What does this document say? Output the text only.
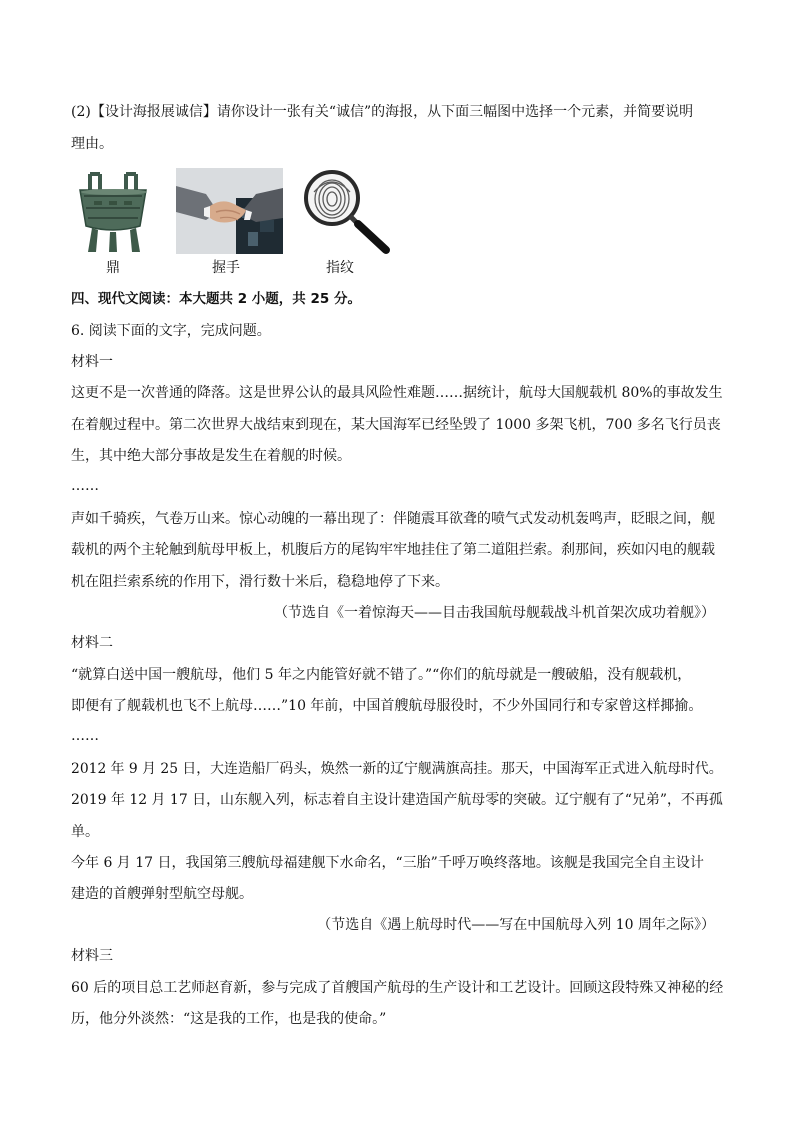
(2)【设计海报展诚信】请你设计一张有关“诚信”的海报，从下面三幅图中选择一个元素，并简要说明
理由。
鼎	握手	指纹
四、现代文阅读：本大题共 2 小题，共 25 分。
6. 阅读下面的文字，完成问题。
材料一
这更不是一次普通的降落。这是世界公认的最具风险性难题……据统计，航母大国舰载机 80%的事故发生
在着舰过程中。第二次世界大战结束到现在，某大国海军已经坠毁了 1000 多架飞机，700 多名飞行员丧
生，其中绝大部分事故是发生在着舰的时候。
……
声如千骑疾，气卷万山来。惊心动魄的一幕出现了：伴随震耳欲聋的喷气式发动机轰鸣声，眨眼之间，舰
载机的两个主轮触到航母甲板上，机腹后方的尾钩牢牢地挂住了第二道阻拦索。刹那间，疾如闪电的舰载
机在阻拦索系统的作用下，滑行数十米后，稳稳地停了下来。
（节选自《一着惊海天——目击我国航母舰载战斗机首架次成功着舰》）
材料二
“就算白送中国一艘航母，他们 5 年之内能管好就不错了。”“你们的航母就是一艘破船，没有舰载机，
即便有了舰载机也飞不上航母……”10 年前，中国首艘航母服役时，不少外国同行和专家曾这样揶揄。
……
2012 年 9 月 25 日，大连造船厂码头，焕然一新的辽宁舰满旗高挂。那天，中国海军正式进入航母时代。
2019 年 12 月 17 日，山东舰入列，标志着自主设计建造国产航母零的突破。辽宁舰有了“兄弟”，不再孤
单。
今年 6 月 17 日，我国第三艘航母福建舰下水命名，“三胎”千呼万唤终落地。该舰是我国完全自主设计
建造的首艘弹射型航空母舰。
（节选自《遇上航母时代——写在中国航母入列 10 周年之际》）
材料三
60 后的项目总工艺师赵育新，参与完成了首艘国产航母的生产设计和工艺设计。回顾这段特殊又神秘的经
历，他分外淡然：“这是我的工作，也是我的使命。”
